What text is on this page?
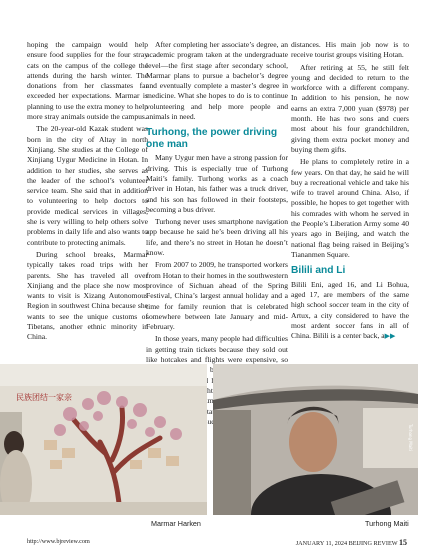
hoping the campaign would help ensure food supplies for the four stray cats on the campus of the college the attends during the harsh winter. The donations from her classmates far exceeded her expectations. Marmar is planning to use the extra money to help more stray animals outside the campus.

The 20-year-old Kazak student was born in the city of Altay in north Xinjiang. She studies at the College of Xinjiang Uygur Medicine in Hotan. In addition to her studies, she serves as the leader of the school’s volunteer service team. She said that in addition to volunteering to help doctors to provide medical services in villages, she is very willing to help others solve problems in daily life and also wants to contribute to protecting animals.

During school breaks, Marmar typically takes road trips with her parents. She has traveled all over Xinjiang and the place she now most wants to visit is Xizang Autonomous Region in southwest China because she wants to see the unique customs of Tibetans, another ethnic minority in China.

After completing her associate’s degree, an academic program taken at the undergraduate level—the first stage after secondary school, Marmar plans to pursue a bachelor’s degree and eventually complete a master’s degree in medicine. What she hopes to do is to continue volunteering and help more people and animals in need.

Turhong, the power driving one man

Many Uygur men have a strong passion for driving. This is especially true of Turhong Maiti’s family. Turhong works as a coach driver in Hotan, his father was a truck driver, and his son has followed in their footsteps, becoming a bus driver.

Turhong never uses smartphone navigation app because he said he’s been driving all his life, and there’s no street in Hotan he doesn’t know.

From 2007 to 2009, he transported workers from Hotan to their homes in the southwestern province of Sichuan ahead of the Spring Festival, China’s largest annual holiday and a time for family reunion that is celebrated somewhere between late January and mid-February.

In those years, many people had difficulties in getting train tickets because they sold out like hotcakes and flights were expensive, so km. such

distances. His main job now is to receive tourist groups visiting Hotan.

After retiring at 55, he still felt young and decided to return to the workforce with a different company. In addition to his pension, he now earns an extra 7,000 yuan ($978) per month. He has two sons and cuers most about his four grandchildren, giving them extra pocket money and buying them gifts.

He plans to completely retire in a few years. On that day, he said he will buy a recreational vehicle and take his wife to travel around China. Also, if possible, he hopes to get together with his comrades with whom he served in the People’s Liberation Army some 40 years ago in Beijing, and watch the national flag being raised in Beijing’s Tiananmen Square.

Bilili and Li

Bilili Eni, aged 16, and Li Bohua, aged 17, are members of the same high school soccer team in the city of Artux, a city considered to have the most ardent soccer fans in all of China. Bilili is a center back, a▶▶

民族团结一家亲
Turhong Maiti
Marmar Harken	Turhong Maiti
http://www.bjreview.com	JANUARY 11, 2024 BEIJING REVIEW 15
